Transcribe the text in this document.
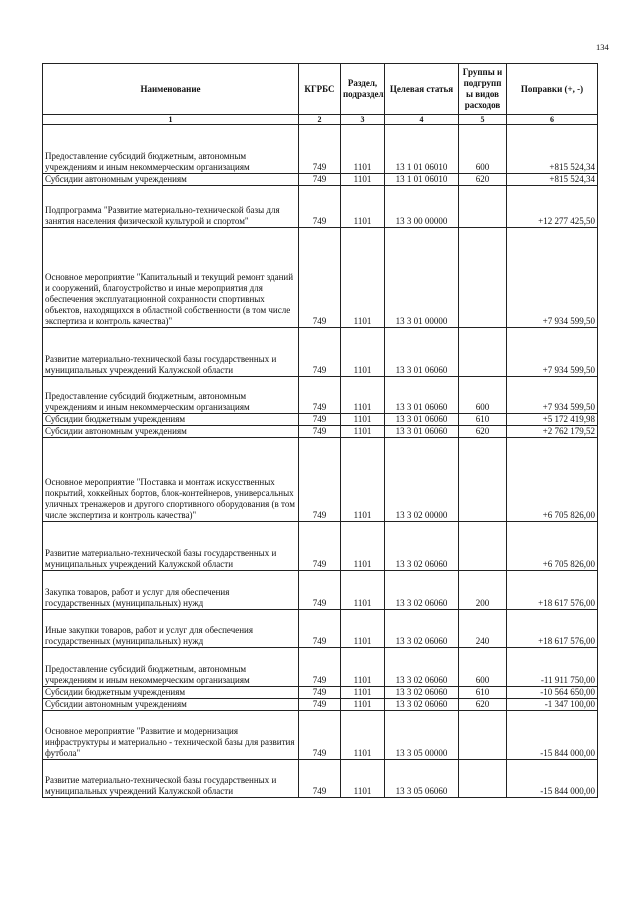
134
Наименование	КГРБС	Раздел, подраздел	Целевая статья	Группы и подгрупп ы видов расходов	Поправки (+, -)
1	2	3	4	5	6
Предоставление субсидий бюджетным, автономным учреждениям и иным некоммерческим организациям	749	1101	13 1 01 06010	600	+815 524,34
Субсидии автономным учреждениям	749	1101	13 1 01 06010	620	+815 524,34
Подпрограмма "Развитие материально-технической базы для занятия населения физической культурой и спортом"	749	1101	13 3 00 00000		+12 277 425,50
Основное мероприятие "Капитальный и текущий ремонт зданий и сооружений, благоустройство и иные мероприятия для обеспечения эксплуатационной сохранности спортивных объектов, находящихся в областной собственности (в том числе экспертиза и контроль качества)"	749	1101	13 3 01 00000		+7 934 599,50
Развитие материально-технической базы государственных и муниципальных учреждений Калужской области	749	1101	13 3 01 06060		+7 934 599,50
Предоставление субсидий бюджетным, автономным учреждениям и иным некоммерческим организациям	749	1101	13 3 01 06060	600	+7 934 599,50
Субсидии бюджетным учреждениям	749	1101	13 3 01 06060	610	+5 172 419,98
Субсидии автономным учреждениям	749	1101	13 3 01 06060	620	+2 762 179,52
Основное мероприятие "Поставка и монтаж искусственных покрытий, хоккейных бортов, блок-контейнеров, универсальных уличных тренажеров и другого спортивного оборудования (в том числе экспертиза и контроль качества)"	749	1101	13 3 02 00000		+6 705 826,00
Развитие материально-технической базы государственных и муниципальных учреждений Калужской области	749	1101	13 3 02 06060		+6 705 826,00
Закупка товаров, работ и услуг для обеспечения государственных (муниципальных) нужд	749	1101	13 3 02 06060	200	+18 617 576,00
Иные закупки товаров, работ и услуг для обеспечения государственных (муниципальных) нужд	749	1101	13 3 02 06060	240	+18 617 576,00
Предоставление субсидий бюджетным, автономным учреждениям и иным некоммерческим организациям	749	1101	13 3 02 06060	600	-11 911 750,00
Субсидии бюджетным учреждениям	749	1101	13 3 02 06060	610	-10 564 650,00
Субсидии автономным учреждениям	749	1101	13 3 02 06060	620	-1 347 100,00
Основное мероприятие "Развитие и модернизация инфраструктуры и материально - технической базы для развития футбола"	749	1101	13 3 05 00000		-15 844 000,00
Развитие материально-технической базы государственных и муниципальных учреждений Калужской области	749	1101	13 3 05 06060		-15 844 000,00
